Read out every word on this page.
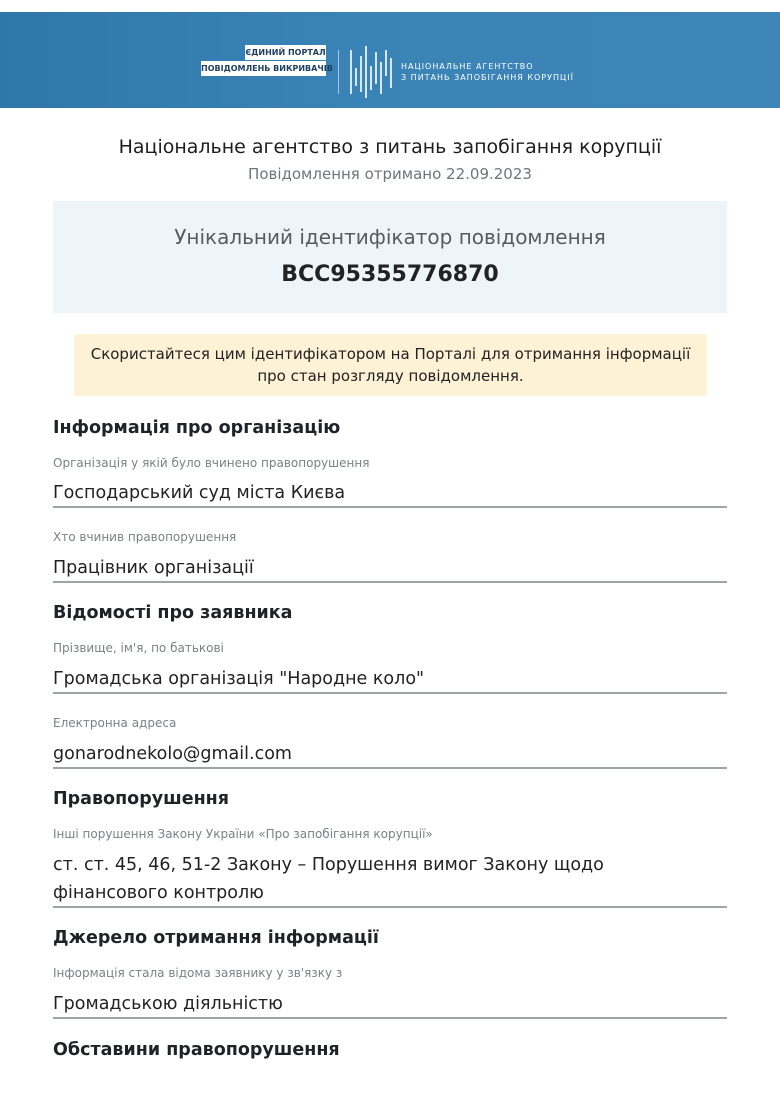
ЄДИНИЙ ПОРТАЛ
ПОВІДОМЛЕНЬ ВИКРИВАЧІВ	НАЦІОНАЛЬНЕ АГЕНТСТВО
З ПИТАНЬ ЗАПОБІГАННЯ КОРУПЦІЇ
Національне агентство з питань запобігання корупції
Повідомлення отримано 22.09.2023
Унікальний ідентифікатор повідомлення
BCC95355776870
Скористайтеся цим ідентифікатором на Порталі для отримання інформації
про стан розгляду повідомлення.
Інформація про організацію
Організація у якій було вчинено правопорушення
Господарський суд міста Києва
Хто вчинив правопорушення
Працівник організації
Відомості про заявника
Прізвище, ім'я, по батькові
Громадська організація "Народне коло"
Електронна адреса
gonarodnekolo@gmail.com
Правопорушення
Інші порушення Закону України «Про запобігання корупції»
ст. ст. 45, 46, 51-2 Закону – Порушення вимог Закону щодо
фінансового контролю
Джерело отримання інформації
Інформація стала відома заявнику у зв'язку з
Громадською діяльністю
Обставини правопорушення
